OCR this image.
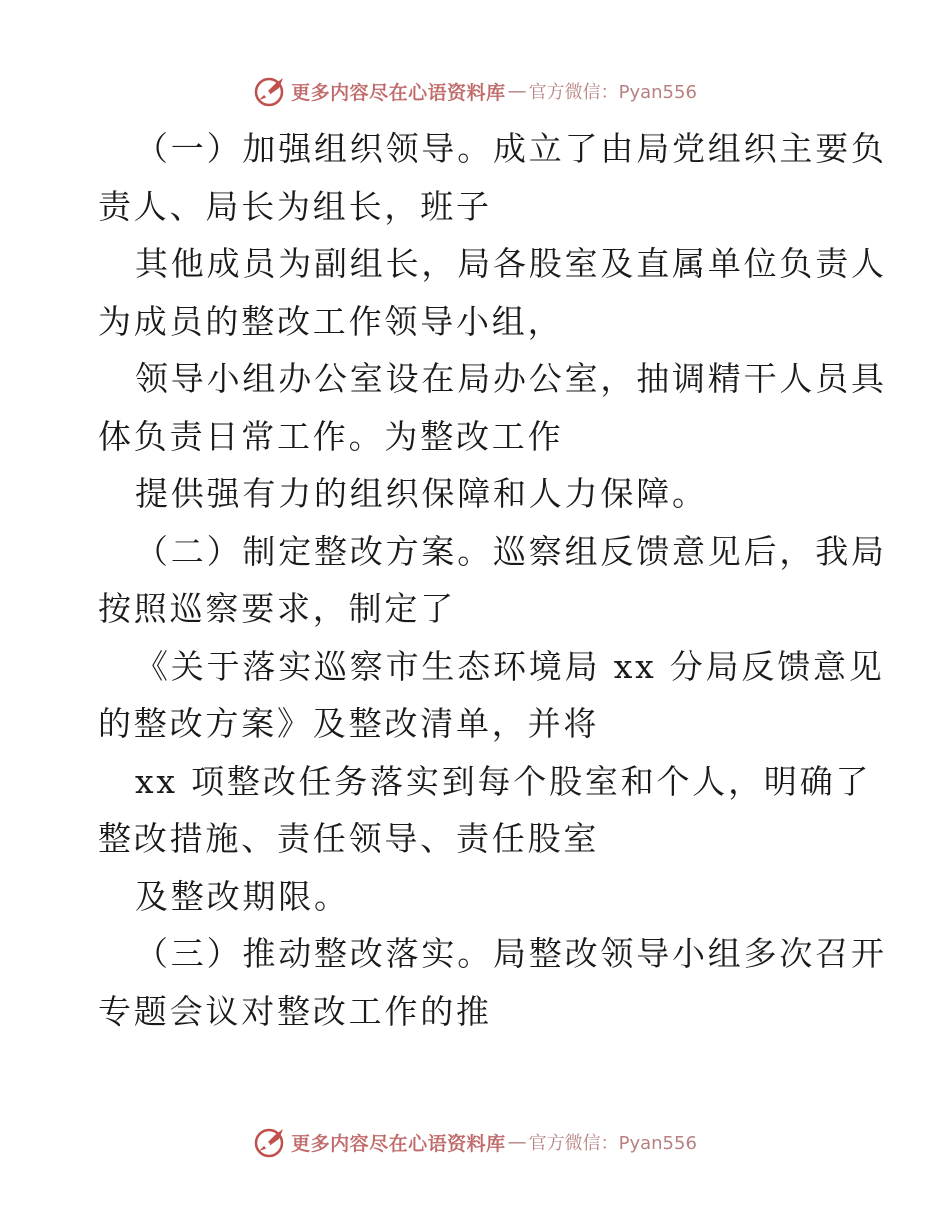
更多内容尽在心语资料库 — 官方微信：Pyan556
（一）加强组织领导。成立了由局党组织主要负
责人、局长为组长，班子
其他成员为副组长，局各股室及直属单位负责人
为成员的整改工作领导小组，
领导小组办公室设在局办公室，抽调精干人员具
体负责日常工作。为整改工作
提供强有力的组织保障和人力保障。
（二）制定整改方案。巡察组反馈意见后，我局
按照巡察要求，制定了
《关于落实巡察市生态环境局 xx 分局反馈意见
的整改方案》及整改清单，并将
xx 项整改任务落实到每个股室和个人，明确了
整改措施、责任领导、责任股室
及整改期限。
（三）推动整改落实。局整改领导小组多次召开
专题会议对整改工作的推
更多内容尽在心语资料库 — 官方微信：Pyan556
